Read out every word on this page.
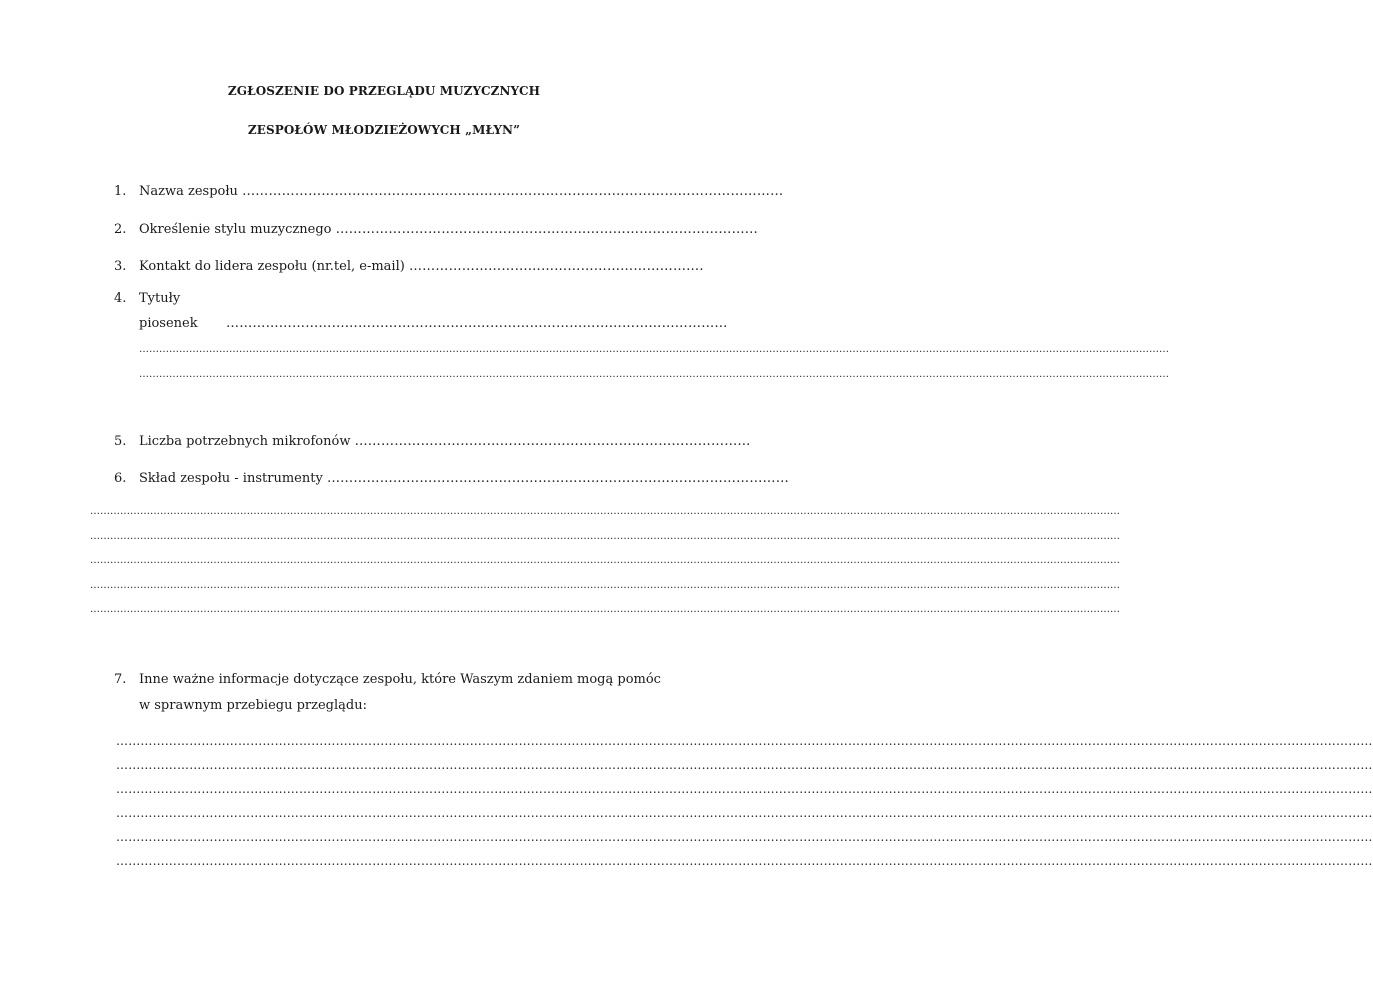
ZGŁOSZENIE DO PRZEGLĄDU MUZYCZNYCH
ZESPOŁÓW MŁODZIEŻOWYCH „MŁYN”
1. Nazwa zespołu ……………………………………………………………………………………………………………
2. Określenie stylu muzycznego ……………………………………………………………………………………
3. Kontakt do lidera zespołu (nr.tel, e-mail) ………………………………………………………….
4. Tytuły
piosenek ……………………………………………………………………………………………………
…………………………………………………………………………………………………………………………………………………………………………………………………………………………………………………………………………………
…………………………………………………………………………………………………………………………………………………………………………………………………………………………………………………………………………………
5. Liczba potrzebnych mikrofonów ………………………………………………………………………………
6. Skład zespołu - instrumenty ……………………………………………………………………………………………
…………………………………………………………………………………………………………………………………………………………………………………………………………………………………………………………………………………
…………………………………………………………………………………………………………………………………………………………………………………………………………………………………………………………………………………
…………………………………………………………………………………………………………………………………………………………………………………………………………………………………………………………………………………
…………………………………………………………………………………………………………………………………………………………………………………………………………………………………………………………………………………
…………………………………………………………………………………………………………………………………………………………………………………………………………………………………………………………………………………
7. Inne ważne informacje dotyczące zespołu, które Waszym zdaniem mogą pomóc
w sprawnym przebiegu przeglądu:
…………………………………………………………………………………………………………………………………………………………………………………………………………………………………………………………………………………
…………………………………………………………………………………………………………………………………………………………………………………………………………………………………………………………………………………
…………………………………………………………………………………………………………………………………………………………………………………………………………………………………………………………………………………
…………………………………………………………………………………………………………………………………………………………………………………………………………………………………………………………………………………
…………………………………………………………………………………………………………………………………………………………………………………………………………………………………………………………………………………
…………………………………………………………………………………………………………………………………………………………………………………………………………………………………………………………………………………
